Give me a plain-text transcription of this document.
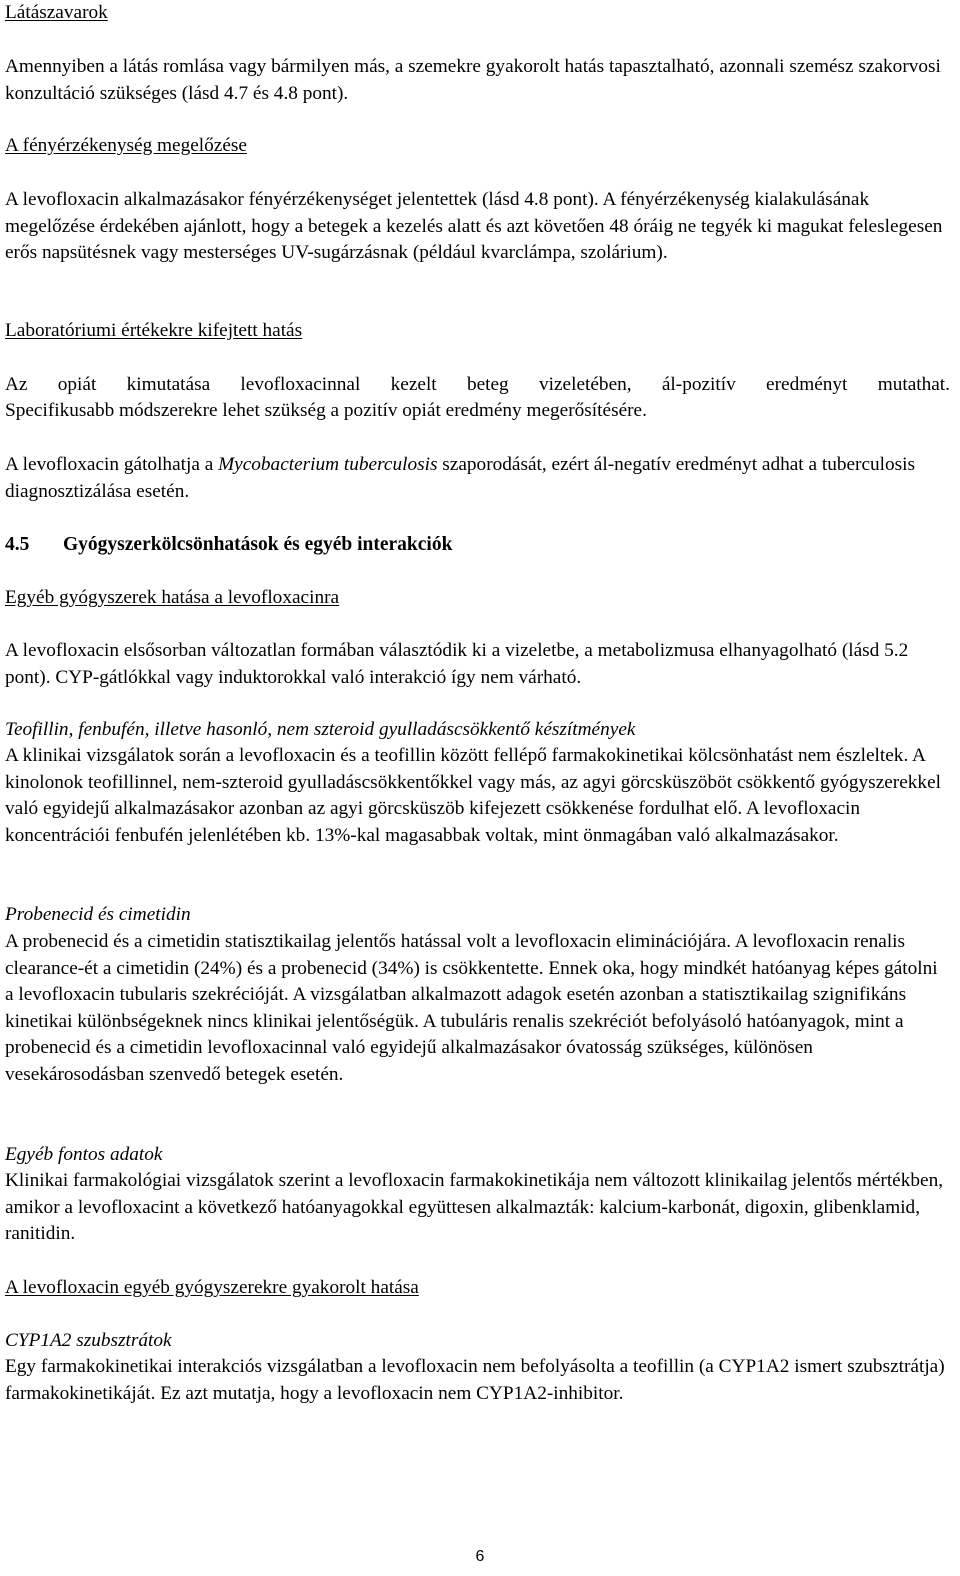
Látászavarok

Amennyiben a látás romlása vagy bármilyen más, a szemekre gyakorolt hatás tapasztalható, azonnali szemész szakorvosi konzultáció szükséges (lásd 4.7 és 4.8 pont).

A fényérzékenység megelőzése

A levofloxacin alkalmazásakor fényérzékenységet jelentettek (lásd 4.8 pont). A fényérzékenység kialakulásának megelőzése érdekében ajánlott, hogy a betegek a kezelés alatt és azt követően 48 óráig ne tegyék ki magukat feleslegesen erős napsütésnek vagy mesterséges UV-sugárzásnak (például kvarclámpa, szolárium).

Laboratóriumi értékekre kifejtett hatás
Az opiát kimutatása levofloxacinnal kezelt beteg vizeletében, ál-pozitív eredményt mutathat.
Specifikusabb módszerekre lehet szükség a pozitív opiát eredmény megerősítésére.

A levofloxacin gátolhatja a Mycobacterium tuberculosis szaporodását, ezért ál-negatív eredményt adhat a tuberculosis diagnosztizálása esetén.

4.5 Gyógyszerkölcsönhatások és egyéb interakciók
Egyéb gyógyszerek hatása a levofloxacinra

A levofloxacin elsősorban változatlan formában választódik ki a vizeletbe, a metabolizmusa elhanyagolható (lásd 5.2 pont). CYP-gátlókkal vagy induktorokkal való interakció így nem várható.

Teofillin, fenbufén, illetve hasonló, nem szteroid gyulladáscsökkentő készítmények

A klinikai vizsgálatok során a levofloxacin és a teofillin között fellépő farmakokinetikai kölcsönhatást nem észleltek. A kinolonok teofillinnel, nem-szteroid gyulladáscsökkentőkkel vagy más, az agyi görcsküszöböt csökkentő gyógyszerekkel való egyidejű alkalmazásakor azonban az agyi görcsküszöb kifejezett csökkenése fordulhat elő. A levofloxacin koncentrációi fenbufén jelenlétében kb. 13%-kal magasabbak voltak, mint önmagában való alkalmazásakor.

Probenecid és cimetidin

A probenecid és a cimetidin statisztikailag jelentős hatással volt a levofloxacin eliminációjára. A levofloxacin renalis clearance-ét a cimetidin (24%) és a probenecid (34%) is csökkentette. Ennek oka, hogy mindkét hatóanyag képes gátolni a levofloxacin tubularis szekrécióját. A vizsgálatban alkalmazott adagok esetén azonban a statisztikailag szignifikáns kinetikai különbségeknek nincs klinikai jelentőségük. A tubuláris renalis szekréciót befolyásoló hatóanyagok, mint a probenecid és a cimetidin levofloxacinnal való egyidejű alkalmazásakor óvatosság szükséges, különösen vesekárosodásban szenvedő betegek esetén.

Egyéb fontos adatok

Klinikai farmakológiai vizsgálatok szerint a levofloxacin farmakokinetikája nem változott klinikailag jelentős mértékben, amikor a levofloxacint a következő hatóanyagokkal együttesen alkalmazták: kalcium-karbonát, digoxin, glibenklamid, ranitidin.

A levofloxacin egyéb gyógyszerekre gyakorolt hatása
CYP1A2 szubsztrátok

Egy farmakokinetikai interakciós vizsgálatban a levofloxacin nem befolyásolta a teofillin (a CYP1A2 ismert szubsztrátja) farmakokinetikáját. Ez azt mutatja, hogy a levofloxacin nem CYP1A2-inhibitor.

6
